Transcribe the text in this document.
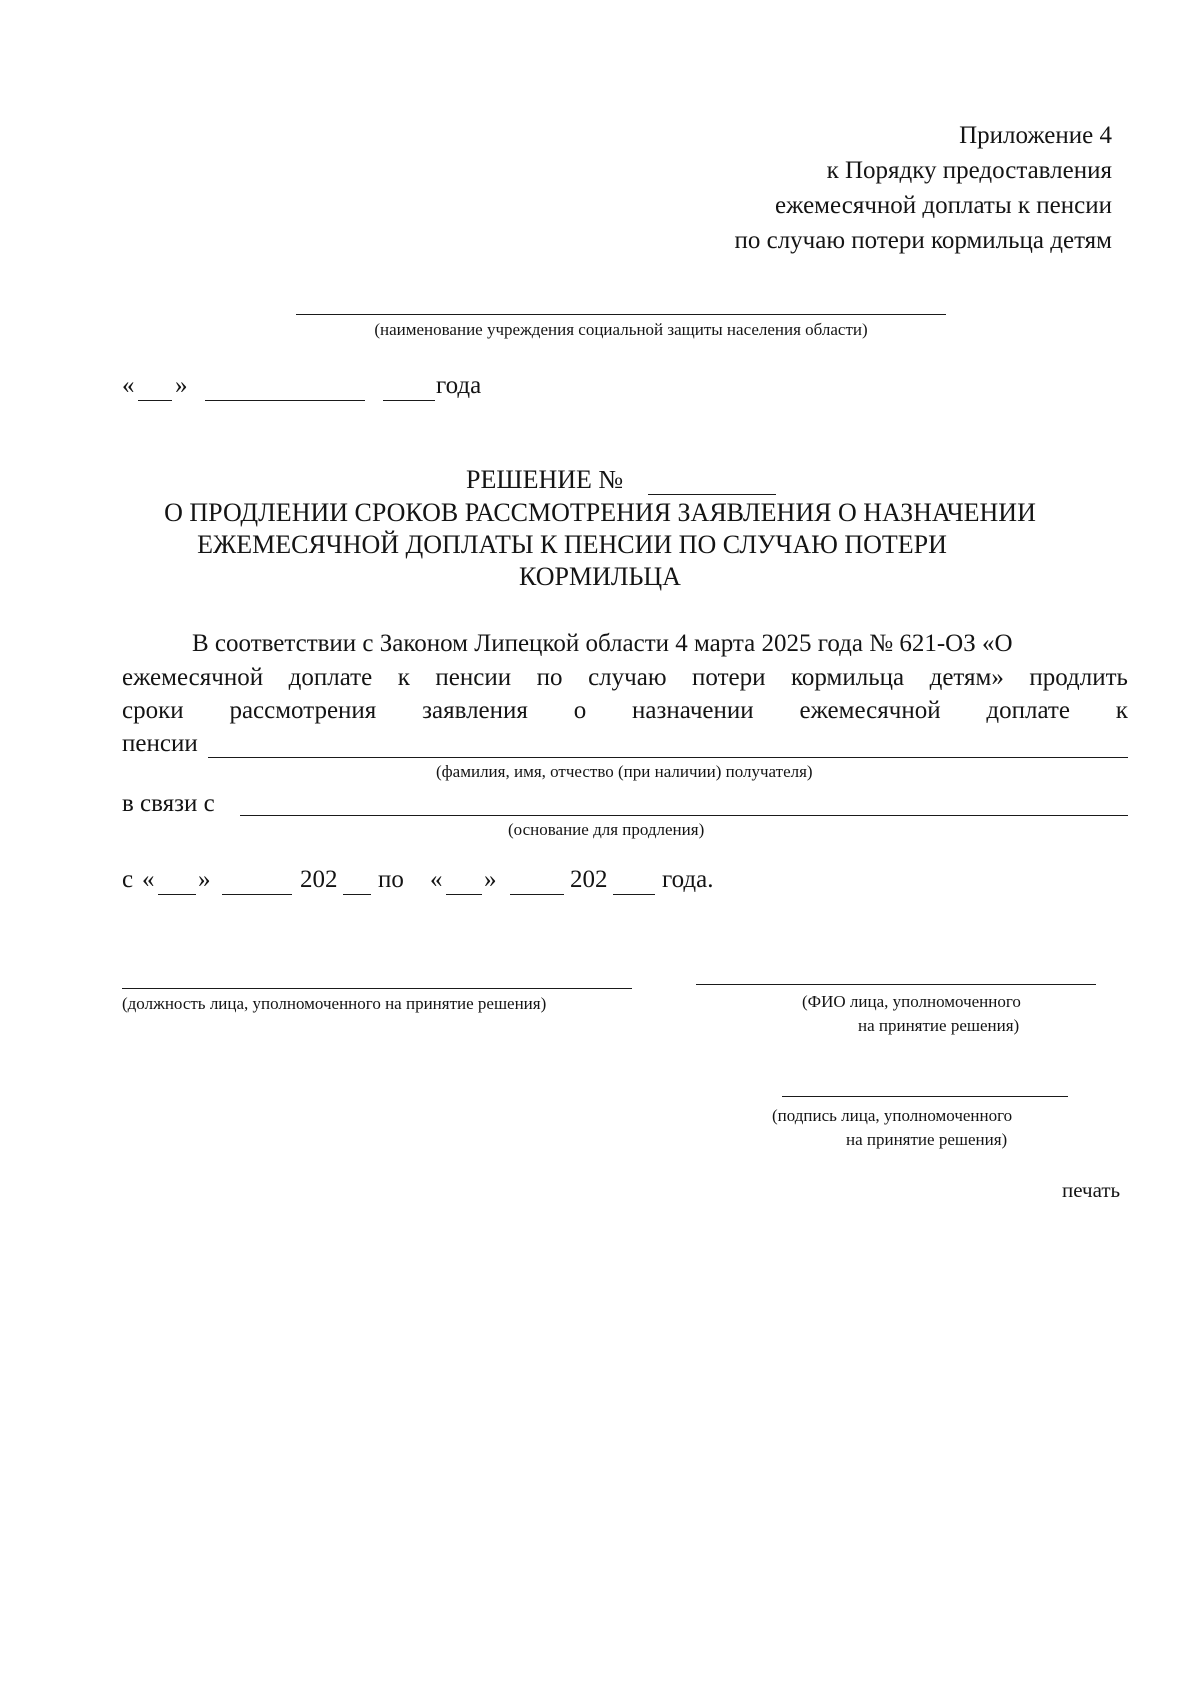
Приложение 4
к Порядку предоставления
ежемесячной доплаты к пенсии
по случаю потери кормильца детям
(наименование учреждения социальной защиты населения области)
« »	года
РЕШЕНИЕ №
О ПРОДЛЕНИИ СРОКОВ РАССМОТРЕНИЯ ЗАЯВЛЕНИЯ О НАЗНАЧЕНИИ
ЕЖЕМЕСЯЧНОЙ ДОПЛАТЫ К ПЕНСИИ ПО СЛУЧАЮ ПОТЕРИ
КОРМИЛЬЦА
В соответствии с Законом Липецкой области 4 марта 2025 года № 621-ОЗ «О
ежемесячной доплате к пенсии по случаю потери кормильца детям» продлить
сроки рассмотрения заявления о назначении ежемесячной доплате к
пенсии
(фамилия, имя, отчество (при наличии) получателя)
в связи с
(основание для продления)
с « »	202 по « »	202 года.
(должность лица, уполномоченного на принятие решения)	(ФИО лица, уполномоченного
на принятие решения)
(подпись лица, уполномоченного
на принятие решения)
печать
